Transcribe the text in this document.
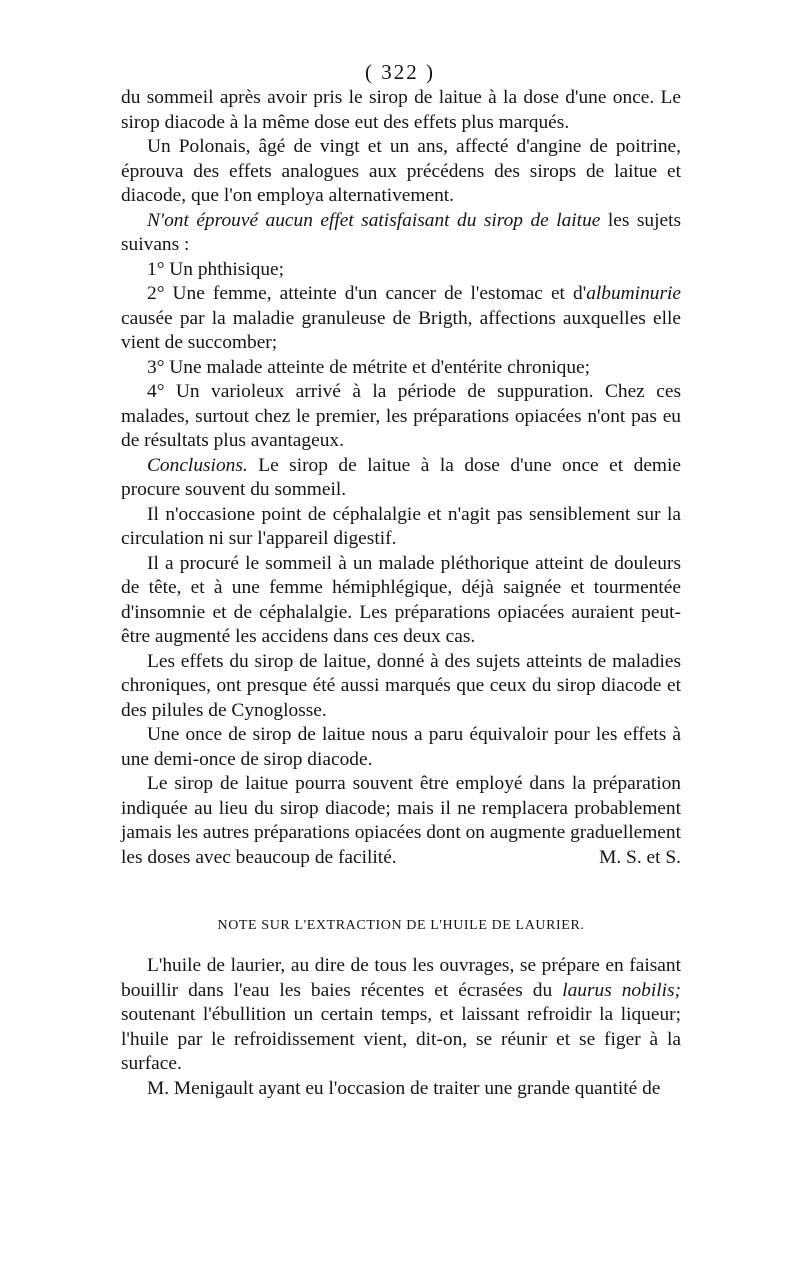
( 322 )

du sommeil après avoir pris le sirop de laitue à la dose d'une once. Le sirop diacode à la même dose eut des effets plus marqués.

Un Polonais, âgé de vingt et un ans, affecté d'angine de poitrine, éprouva des effets analogues aux précédens des sirops de laitue et diacode, que l'on employa alternativement.

N'ont éprouvé aucun effet satisfaisant du sirop de laitue les sujets suivans :

1° Un phthisique;

2° Une femme, atteinte d'un cancer de l'estomac et d'albuminurie causée par la maladie granuleuse de Brigth, affections auxquelles elle vient de succomber;

3° Une malade atteinte de métrite et d'entérite chronique;

4° Un varioleux arrivé à la période de suppuration. Chez ces malades, surtout chez le premier, les préparations opiacées n'ont pas eu de résultats plus avantageux.

Conclusions. Le sirop de laitue à la dose d'une once et demie procure souvent du sommeil.

Il n'occasione point de céphalalgie et n'agit pas sensiblement sur la circulation ni sur l'appareil digestif.

Il a procuré le sommeil à un malade pléthorique atteint de douleurs de tête, et à une femme hémiphlégique, déjà saignée et tourmentée d'insomnie et de céphalalgie. Les préparations opiacées auraient peut-être augmenté les accidens dans ces deux cas.

Les effets du sirop de laitue, donné à des sujets atteints de maladies chroniques, ont presque été aussi marqués que ceux du sirop diacode et des pilules de Cynoglosse.

Une once de sirop de laitue nous a paru équivaloir pour les effets à une demi-once de sirop diacode.

Le sirop de laitue pourra souvent être employé dans la préparation indiquée au lieu du sirop diacode; mais il ne remplacera probablement jamais les autres préparations opiacées dont on augmente graduellement les doses avec beaucoup de facilité.	M. S. et S.

NOTE SUR L'EXTRACTION DE L'HUILE DE LAURIER.

L'huile de laurier, au dire de tous les ouvrages, se prépare en faisant bouillir dans l'eau les baies récentes et écrasées du laurus nobilis; soutenant l'ébullition un certain temps, et laissant refroidir la liqueur; l'huile par le refroidissement vient, dit-on, se réunir et se figer à la surface.

M. Menigault ayant eu l'occasion de traiter une grande quantité de
